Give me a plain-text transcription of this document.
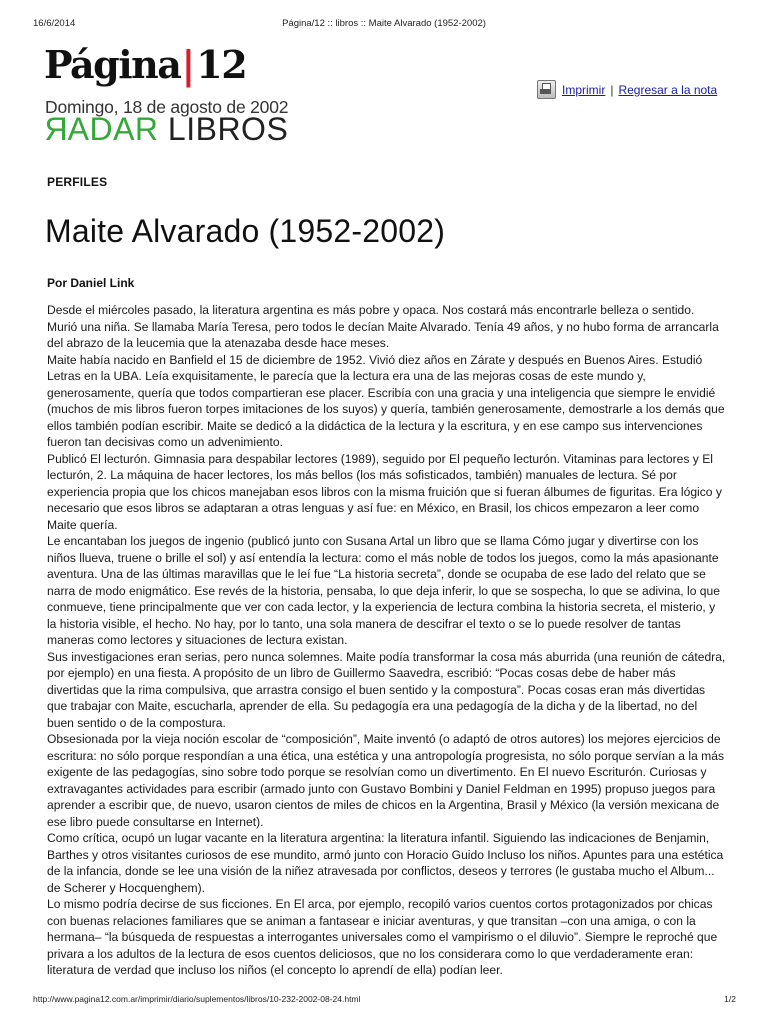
16/6/2014	Página/12 :: libros :: Maite Alvarado (1952-2002)
Página|12
Domingo, 18 de agosto de 2002
RADAR LIBROS
Imprimir | Regresar a la nota
PERFILES
Maite Alvarado (1952-2002)
Por Daniel Link

Desde el miércoles pasado, la literatura argentina es más pobre y opaca. Nos costará más encontrarle belleza o sentido. Murió una niña. Se llamaba María Teresa, pero todos le decían Maite Alvarado. Tenía 49 años, y no hubo forma de arrancarla del abrazo de la leucemia que la atenazaba desde hace meses.

Maite había nacido en Banfield el 15 de diciembre de 1952. Vivió diez años en Zárate y después en Buenos Aires. Estudió Letras en la UBA. Leía exquisitamente, le parecía que la lectura era una de las mejoras cosas de este mundo y, generosamente, quería que todos compartieran ese placer. Escribía con una gracia y una inteligencia que siempre le envidié (muchos de mis libros fueron torpes imitaciones de los suyos) y quería, también generosamente, demostrarle a los demás que ellos también podían escribir. Maite se dedicó a la didáctica de la lectura y la escritura, y en ese campo sus intervenciones fueron tan decisivas como un advenimiento.

Publicó El lecturón. Gimnasia para despabilar lectores (1989), seguido por El pequeño lecturón. Vitaminas para lectores y El lecturón, 2. La máquina de hacer lectores, los más bellos (los más sofisticados, también) manuales de lectura. Sé por experiencia propia que los chicos manejaban esos libros con la misma fruición que si fueran álbumes de figuritas. Era lógico y necesario que esos libros se adaptaran a otras lenguas y así fue: en México, en Brasil, los chicos empezaron a leer como Maite quería.

Le encantaban los juegos de ingenio (publicó junto con Susana Artal un libro que se llama Cómo jugar y divertirse con los niños llueva, truene o brille el sol) y así entendía la lectura: como el más noble de todos los juegos, como la más apasionante aventura. Una de las últimas maravillas que le leí fue “La historia secreta”, donde se ocupaba de ese lado del relato que se narra de modo enigmático. Ese revés de la historia, pensaba, lo que deja inferir, lo que se sospecha, lo que se adivina, lo que conmueve, tiene principalmente que ver con cada lector, y la experiencia de lectura combina la historia secreta, el misterio, y la historia visible, el hecho. No hay, por lo tanto, una sola manera de descifrar el texto o se lo puede resolver de tantas maneras como lectores y situaciones de lectura existan.

Sus investigaciones eran serias, pero nunca solemnes. Maite podía transformar la cosa más aburrida (una reunión de cátedra, por ejemplo) en una fiesta. A propósito de un libro de Guillermo Saavedra, escribió: “Pocas cosas debe de haber más divertidas que la rima compulsiva, que arrastra consigo el buen sentido y la compostura”. Pocas cosas eran más divertidas que trabajar con Maite, escucharla, aprender de ella. Su pedagogía era una pedagogía de la dicha y de la libertad, no del buen sentido o de la compostura.

Obsesionada por la vieja noción escolar de “composición”, Maite inventó (o adaptó de otros autores) los mejores ejercicios de escritura: no sólo porque respondían a una ética, una estética y una antropología progresista, no sólo porque servían a la más exigente de las pedagogías, sino sobre todo porque se resolvían como un divertimento. En El nuevo Escriturón. Curiosas y extravagantes actividades para escribir (armado junto con Gustavo Bombini y Daniel Feldman en 1995) propuso juegos para aprender a escribir que, de nuevo, usaron cientos de miles de chicos en la Argentina, Brasil y México (la versión mexicana de ese libro puede consultarse en Internet).

Como crítica, ocupó un lugar vacante en la literatura argentina: la literatura infantil. Siguiendo las indicaciones de Benjamin, Barthes y otros visitantes curiosos de ese mundito, armó junto con Horacio Guido Incluso los niños. Apuntes para una estética de la infancia, donde se lee una visión de la niñez atravesada por conflictos, deseos y terrores (le gustaba mucho el Album... de Scherer y Hocquenghem).

Lo mismo podría decirse de sus ficciones. En El arca, por ejemplo, recopiló varios cuentos cortos protagonizados por chicas con buenas relaciones familiares que se animan a fantasear e iniciar aventuras, y que transitan –con una amiga, o con la hermana– “la búsqueda de respuestas a interrogantes universales como el vampirismo o el diluvio”. Siempre le reproché que privara a los adultos de la lectura de esos cuentos deliciosos, que no los considerara como lo que verdaderamente eran: literatura de verdad que incluso los niños (el concepto lo aprendí de ella) podían leer.

http://www.pagina12.com.ar/imprimir/diario/suplementos/libros/10-232-2002-08-24.html	1/2
